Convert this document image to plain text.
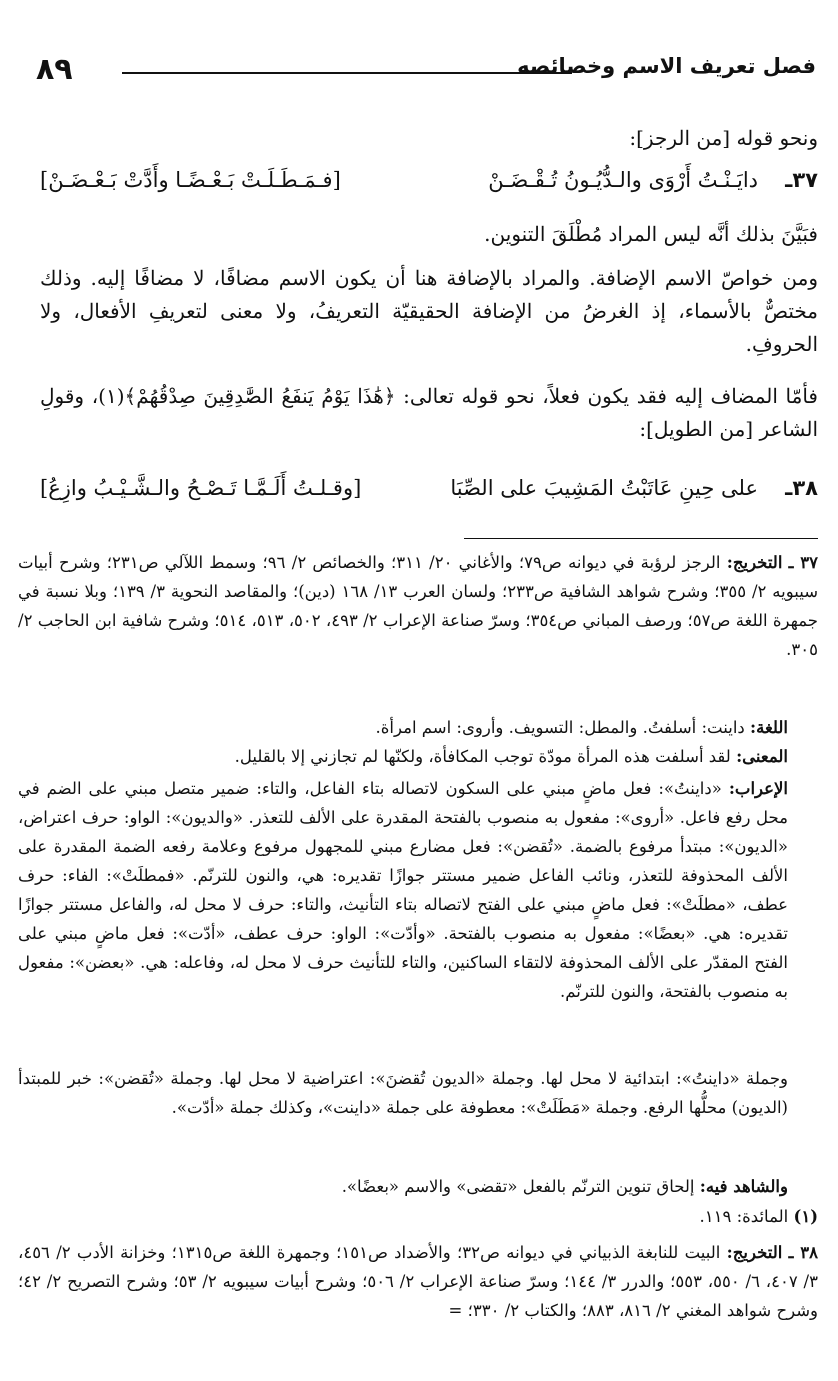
٨٩	فصل تعريف الاسم وخصائصه
ونحو قوله [من الرجز]:
٣٧ـ
دايَـنْـتُ أَرْوَى والـدُّيُـونُ تُـقْـضَـنْ
[فـمَـطَـلَـتْ بَـعْـضًـا وأَدَّتْ بَـعْـضَـنْ]
فبَيَّنَ بذلك أنَّه ليس المراد مُطْلَقَ التنوين.
ومن خواصّ الاسم الإضافة. والمراد بالإضافة هنا أن يكون الاسم مضافًا، لا مضافًا إليه. وذلك مختصٌّ بالأسماء، إذ الغرضُ من الإضافة الحقيقيّة التعريفُ، ولا معنى لتعريفِ الأفعال، ولا الحروفِ.
فأمّا المضاف إليه فقد يكون فعلاً، نحو قوله تعالى: ﴿هَٰذَا يَوْمُ يَنفَعُ الصَّٰدِقِينَ صِدْقُهُمْ﴾(١)، وقولِ الشاعر [من الطويل]:
٣٨ـ
على حِينِ عَاتَبْتُ المَشِيبَ على الصِّبَا
[وقـلـتُ أَلَـمَّـا تَـصْـحُ والـشَّـيْـبُ وازِعُ]
٣٧ ـ التخريج: الرجز لرؤبة في ديوانه ص٧٩؛ والأغاني ٢٠/ ٣١١؛ والخصائص ٢/ ٩٦؛ وسمط اللآلي ص٢٣١؛ وشرح أبيات سيبويه ٢/ ٣٥٥؛ وشرح شواهد الشافية ص٢٣٣؛ ولسان العرب ١٣/ ١٦٨ (دين)؛ والمقاصد النحوية ٣/ ١٣٩؛ وبلا نسبة في جمهرة اللغة ص٥٧؛ ورصف المباني ص٣٥٤؛ وسرّ صناعة الإعراب ٢/ ٤٩٣، ٥٠٢، ٥١٣، ٥١٤؛ وشرح شافية ابن الحاجب ٢/ ٣٠٥.
اللغة: داينت: أسلفتُ. والمطل: التسويف. وأروى: اسم امرأة.
المعنى: لقد أسلفت هذه المرأة مودّة توجب المكافأة، ولكنّها لم تجازني إلا بالقليل.
الإعراب: «داينتُ»: فعل ماضٍ مبني على السكون لاتصاله بتاء الفاعل، والتاء: ضمير متصل مبني على الضم في محل رفع فاعل. «أروى»: مفعول به منصوب بالفتحة المقدرة على الألف للتعذر. «والديون»: الواو: حرف اعتراض، «الديون»: مبتدأ مرفوع بالضمة. «تُقضن»: فعل مضارع مبني للمجهول مرفوع وعلامة رفعه الضمة المقدرة على الألف المحذوفة للتعذر، ونائب الفاعل ضمير مستتر جوازًا تقديره: هي، والنون للترنّم. «فمطلَتْ»: الفاء: حرف عطف، «مطلَتْ»: فعل ماضٍ مبني على الفتح لاتصاله بتاء التأنيث، والتاء: حرف لا محل له، والفاعل مستتر جوازًا تقديره: هي. «بعضًا»: مفعول به منصوب بالفتحة. «وأدّت»: الواو: حرف عطف، «أدّت»: فعل ماضٍ مبني على الفتح المقدّر على الألف المحذوفة لالتقاء الساكنين، والتاء للتأنيث حرف لا محل له، وفاعله: هي. «بعضن»: مفعول به منصوب بالفتحة، والنون للترنّم.
وجملة «داينتُ»: ابتدائية لا محل لها. وجملة «الديون تُقضنَ»: اعتراضية لا محل لها. وجملة «تُقضن»: خبر للمبتدأ (الديون) محلُّها الرفع. وجملة «مَطَلَتْ»: معطوفة على جملة «داينت»، وكذلك جملة «أدّت».
والشاهد فيه: إلحاق تنوين الترنّم بالفعل «تقضى» والاسم «بعضًا».
(١) المائدة: ١١٩.
٣٨ ـ التخريج: البيت للنابغة الذبياني في ديوانه ص٣٢؛ والأضداد ص١٥١؛ وجمهرة اللغة ص١٣١٥؛ وخزانة الأدب ٢/ ٤٥٦، ٣/ ٤٠٧، ٦/ ٥٥٠، ٥٥٣؛ والدرر ٣/ ١٤٤؛ وسرّ صناعة الإعراب ٢/ ٥٠٦؛ وشرح أبيات سيبويه ٢/ ٥٣؛ وشرح التصريح ٢/ ٤٢؛ وشرح شواهد المغني ٢/ ٨١٦، ٨٨٣؛ والكتاب ٢/ ٣٣٠؛ =
